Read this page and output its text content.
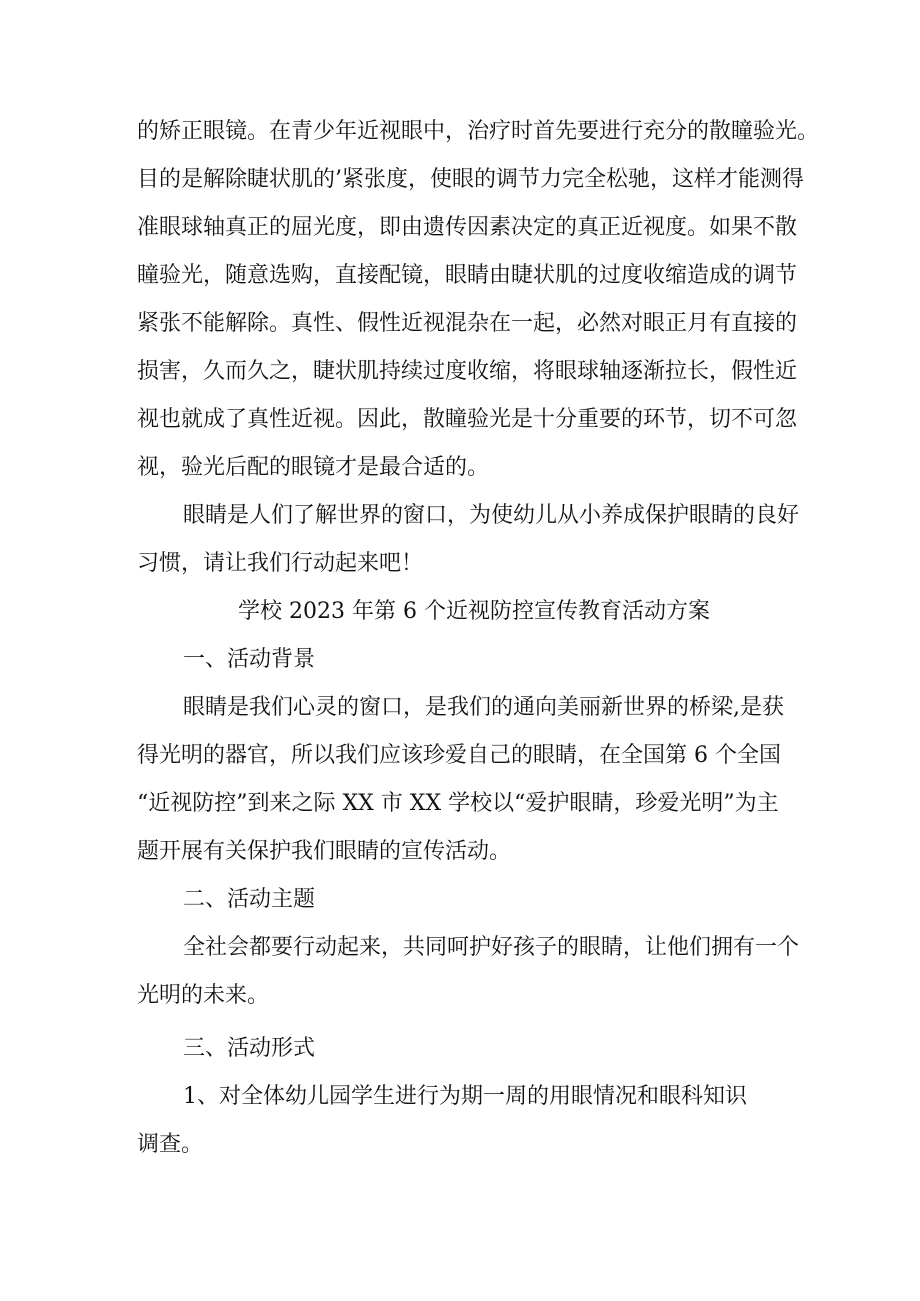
的矫正眼镜。在青少年近视眼中，治疗时首先要进行充分的散瞳验光。
目的是解除睫状肌的’紧张度，使眼的调节力完全松驰，这样才能测得
准眼球轴真正的屈光度，即由遗传因素决定的真正近视度。如果不散
瞳验光，随意选购，直接配镜，眼睛由睫状肌的过度收缩造成的调节
紧张不能解除。真性、假性近视混杂在一起，必然对眼正月有直接的
损害，久而久之，睫状肌持续过度收缩，将眼球轴逐渐拉长，假性近
视也就成了真性近视。因此，散瞳验光是十分重要的环节，切不可忽
视，验光后配的眼镜才是最合适的。
眼睛是人们了解世界的窗口，为使幼儿从小养成保护眼睛的良好
习惯，请让我们行动起来吧！
学校 2023 年第 6 个近视防控宣传教育活动方案
一、活动背景
眼睛是我们心灵的窗口，是我们的通向美丽新世界的桥梁,是获
得光明的器官，所以我们应该珍爱自己的眼睛，在全国第 6 个全国
“近视防控”到来之际 XX 市 XX 学校以“爱护眼睛，珍爱光明”为主
题开展有关保护我们眼睛的宣传活动。
二、活动主题
全社会都要行动起来，共同呵护好孩子的眼睛，让他们拥有一个
光明的未来。
三、活动形式
1、对全体幼儿园学生进行为期一周的用眼情况和眼科知识
调查。
